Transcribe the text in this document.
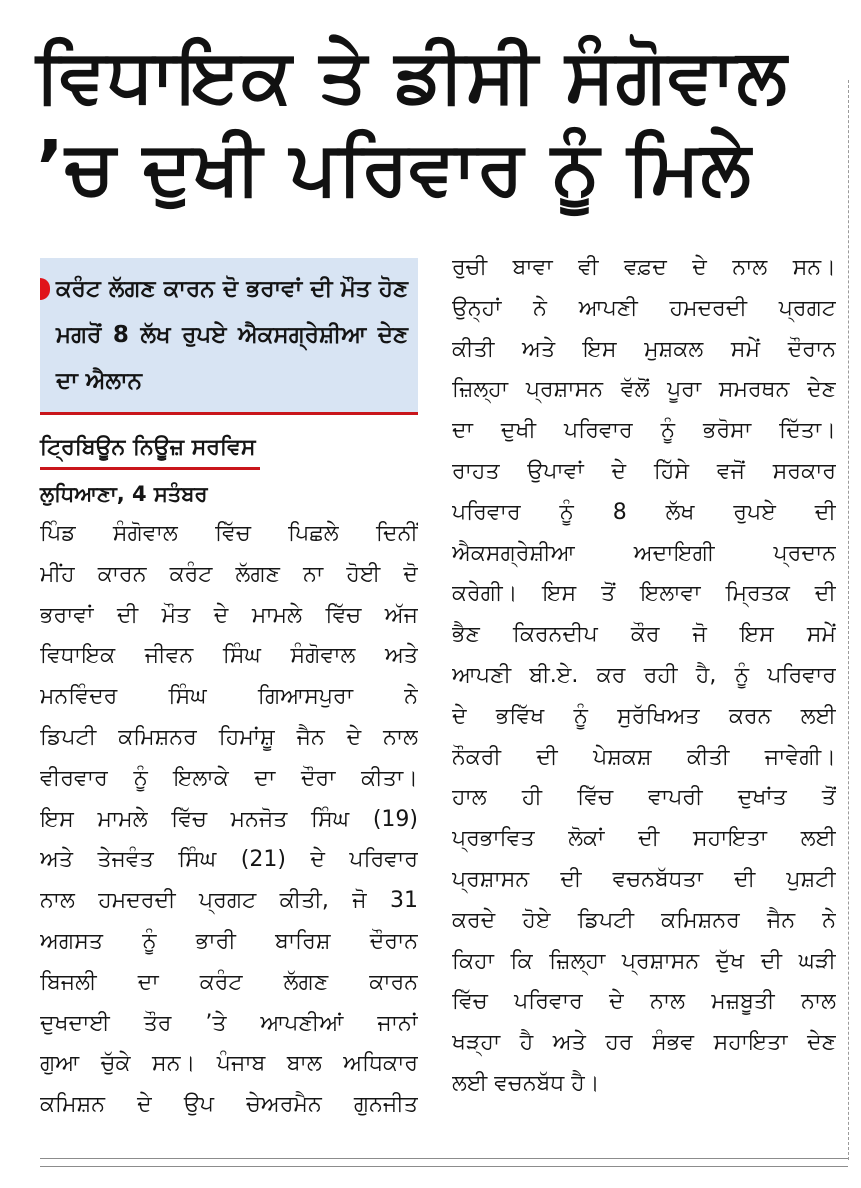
ਵਿਧਾਇਕ ਤੇ ਡੀਸੀ ਸੰਗੋਵਾਲ
’ਚ ਦੁਖੀ ਪਰਿਵਾਰ ਨੂੰ ਮਿਲੇ

ਕਰੰਟ ਲੱਗਣ ਕਾਰਨ ਦੋ ਭਰਾਵਾਂ ਦੀ ਮੌਤ ਹੋਣ ਮਗਰੋਂ 8 ਲੱਖ ਰੁਪਏ ਐਕਸਗ੍ਰੇਸ਼ੀਆ ਦੇਣ ਦਾ ਐਲਾਨ

ਟ੍ਰਿਬਿਊਨ ਨਿਊਜ਼ ਸਰਵਿਸ
ਲੁਧਿਆਣਾ, 4 ਸਤੰਬਰ
ਪਿੰਡ ਸੰਗੋਵਾਲ ਵਿੱਚ ਪਿਛਲੇ ਦਿਨੀਂ
ਮੀਂਹ ਕਾਰਨ ਕਰੰਟ ਲੱਗਣ ਨਾ ਹੋਈ ਦੋ
ਭਰਾਵਾਂ ਦੀ ਮੌਤ ਦੇ ਮਾਮਲੇ ਵਿੱਚ ਅੱਜ
ਵਿਧਾਇਕ ਜੀਵਨ ਸਿੰਘ ਸੰਗੋਵਾਲ ਅਤੇ
ਮਨਵਿੰਦਰ ਸਿੰਘ ਗਿਆਸਪੁਰਾ ਨੇ
ਡਿਪਟੀ ਕਮਿਸ਼ਨਰ ਹਿਮਾਂਸ਼ੂ ਜੈਨ ਦੇ ਨਾਲ
ਵੀਰਵਾਰ ਨੂੰ ਇਲਾਕੇ ਦਾ ਦੌਰਾ ਕੀਤਾ।
ਇਸ ਮਾਮਲੇ ਵਿੱਚ ਮਨਜੋਤ ਸਿੰਘ (19)
ਅਤੇ ਤੇਜਵੰਤ ਸਿੰਘ (21) ਦੇ ਪਰਿਵਾਰ
ਨਾਲ ਹਮਦਰਦੀ ਪ੍ਰਗਟ ਕੀਤੀ, ਜੋ 31
ਅਗਸਤ ਨੂੰ ਭਾਰੀ ਬਾਰਿਸ਼ ਦੌਰਾਨ
ਬਿਜਲੀ ਦਾ ਕਰੰਟ ਲੱਗਣ ਕਾਰਨ
ਦੁਖਦਾਈ ਤੌਰ ’ਤੇ ਆਪਣੀਆਂ ਜਾਨਾਂ
ਗੁਆ ਚੁੱਕੇ ਸਨ। ਪੰਜਾਬ ਬਾਲ ਅਧਿਕਾਰ
ਕਮਿਸ਼ਨ ਦੇ ਉਪ ਚੇਅਰਮੈਨ ਗੁਨਜੀਤ
ਰੁਚੀ ਬਾਵਾ ਵੀ ਵਫ਼ਦ ਦੇ ਨਾਲ ਸਨ।
ਉਨ੍ਹਾਂ ਨੇ ਆਪਣੀ ਹਮਦਰਦੀ ਪ੍ਰਗਟ
ਕੀਤੀ ਅਤੇ ਇਸ ਮੁਸ਼ਕਲ ਸਮੇਂ ਦੌਰਾਨ
ਜ਼ਿਲ੍ਹਾ ਪ੍ਰਸ਼ਾਸਨ ਵੱਲੋਂ ਪੂਰਾ ਸਮਰਥਨ ਦੇਣ
ਦਾ ਦੁਖੀ ਪਰਿਵਾਰ ਨੂੰ ਭਰੋਸਾ ਦਿੱਤਾ।
ਰਾਹਤ ਉਪਾਵਾਂ ਦੇ ਹਿੱਸੇ ਵਜੋਂ ਸਰਕਾਰ
ਪਰਿਵਾਰ ਨੂੰ 8 ਲੱਖ ਰੁਪਏ ਦੀ
ਐਕਸਗ੍ਰੇਸ਼ੀਆ ਅਦਾਇਗੀ ਪ੍ਰਦਾਨ
ਕਰੇਗੀ। ਇਸ ਤੋਂ ਇਲਾਵਾ ਮ੍ਰਿਤਕ ਦੀ
ਭੈਣ ਕਿਰਨਦੀਪ ਕੌਰ ਜੋ ਇਸ ਸਮੇਂ
ਆਪਣੀ ਬੀ.ਏ. ਕਰ ਰਹੀ ਹੈ, ਨੂੰ ਪਰਿਵਾਰ
ਦੇ ਭਵਿੱਖ ਨੂੰ ਸੁਰੱਖਿਅਤ ਕਰਨ ਲਈ
ਨੌਕਰੀ ਦੀ ਪੇਸ਼ਕਸ਼ ਕੀਤੀ ਜਾਵੇਗੀ।
ਹਾਲ ਹੀ ਵਿੱਚ ਵਾਪਰੀ ਦੁਖਾਂਤ ਤੋਂ
ਪ੍ਰਭਾਵਿਤ ਲੋਕਾਂ ਦੀ ਸਹਾਇਤਾ ਲਈ
ਪ੍ਰਸ਼ਾਸਨ ਦੀ ਵਚਨਬੱਧਤਾ ਦੀ ਪੁਸ਼ਟੀ
ਕਰਦੇ ਹੋਏ ਡਿਪਟੀ ਕਮਿਸ਼ਨਰ ਜੈਨ ਨੇ
ਕਿਹਾ ਕਿ ਜ਼ਿਲ੍ਹਾ ਪ੍ਰਸ਼ਾਸਨ ਦੁੱਖ ਦੀ ਘੜੀ
ਵਿੱਚ ਪਰਿਵਾਰ ਦੇ ਨਾਲ ਮਜ਼ਬੂਤੀ ਨਾਲ
ਖੜ੍ਹਾ ਹੈ ਅਤੇ ਹਰ ਸੰਭਵ ਸਹਾਇਤਾ ਦੇਣ
ਲਈ ਵਚਨਬੱਧ ਹੈ।
